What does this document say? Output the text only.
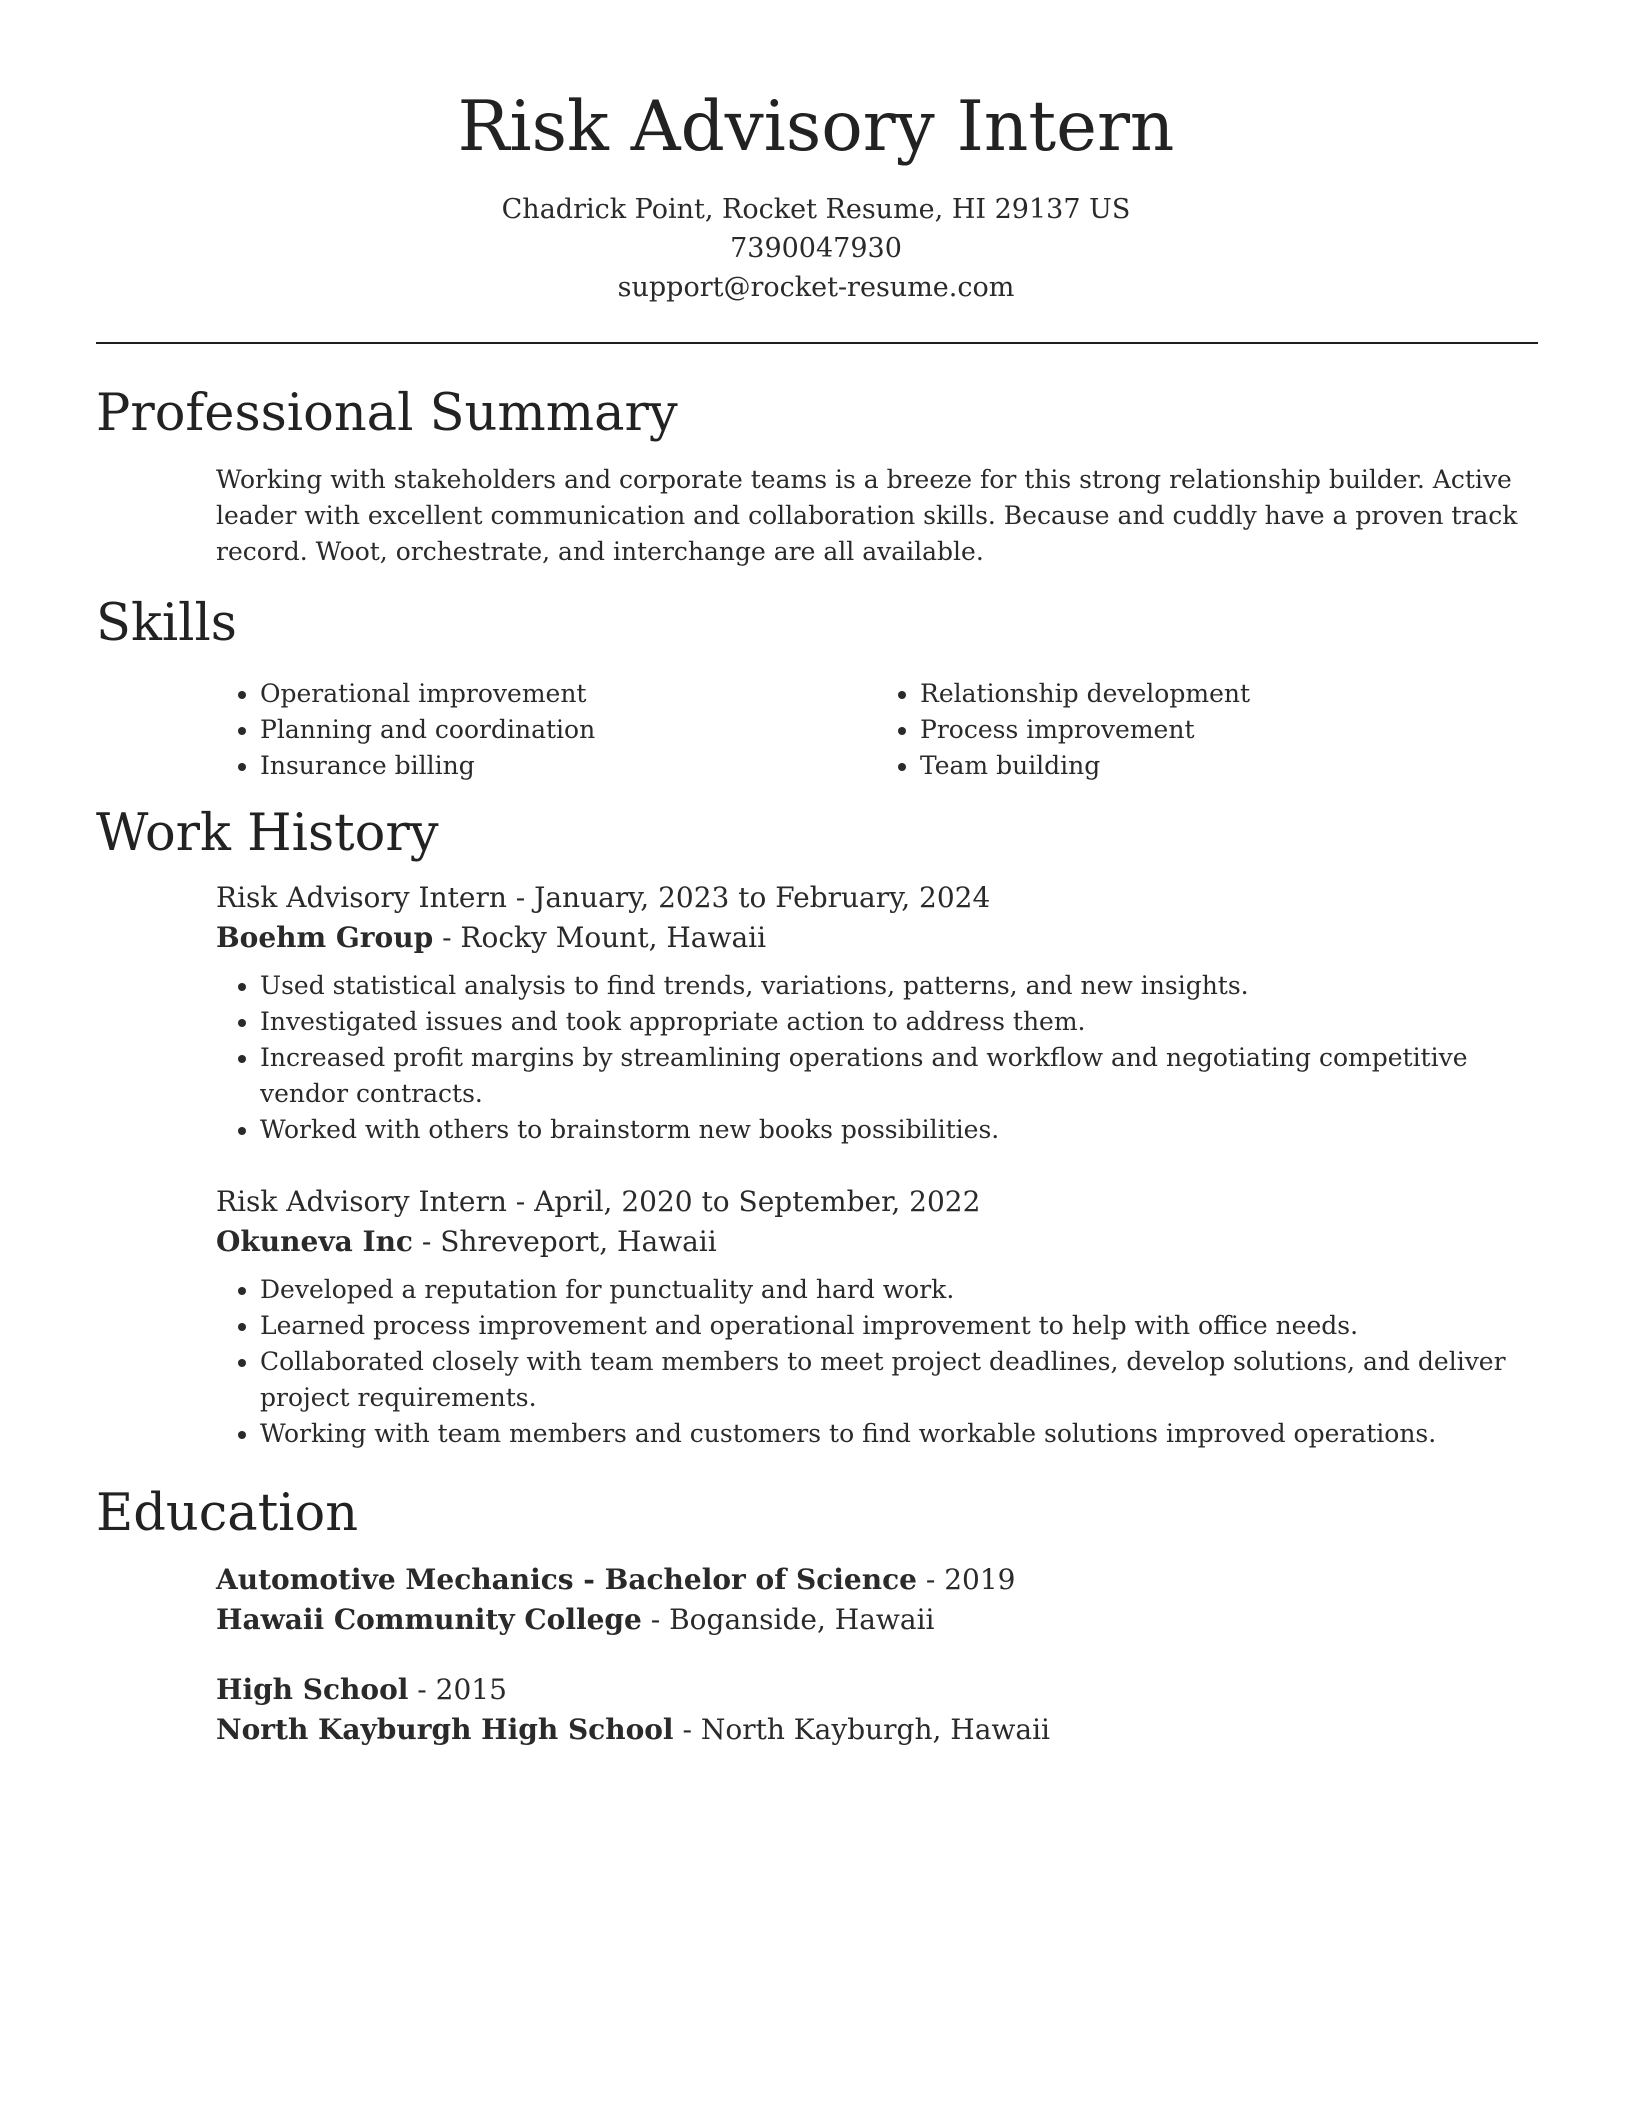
Risk Advisory Intern
Chadrick Point, Rocket Resume, HI 29137 US
7390047930
support@rocket-resume.com
Professional Summary

Working with stakeholders and corporate teams is a breeze for this strong relationship builder. Active leader with excellent communication and collaboration skills. Because and cuddly have a proven track record. Woot, orchestrate, and interchange are all available.

Skills
• Operational improvement
• Planning and coordination
• Insurance billing
• Relationship development
• Process improvement
• Team building
Work History
Risk Advisory Intern - January, 2023 to February, 2024
Boehm Group - Rocky Mount, Hawaii
• Used statistical analysis to find trends, variations, patterns, and new insights.
• Investigated issues and took appropriate action to address them.
• Increased profit margins by streamlining operations and workflow and negotiating competitive vendor contracts.
• Worked with others to brainstorm new books possibilities.
Risk Advisory Intern - April, 2020 to September, 2022
Okuneva Inc - Shreveport, Hawaii
• Developed a reputation for punctuality and hard work.
• Learned process improvement and operational improvement to help with office needs.
• Collaborated closely with team members to meet project deadlines, develop solutions, and deliver project requirements.
• Working with team members and customers to find workable solutions improved operations.
Education
Automotive Mechanics - Bachelor of Science - 2019
Hawaii Community College - Boganside, Hawaii
High School - 2015
North Kayburgh High School - North Kayburgh, Hawaii
